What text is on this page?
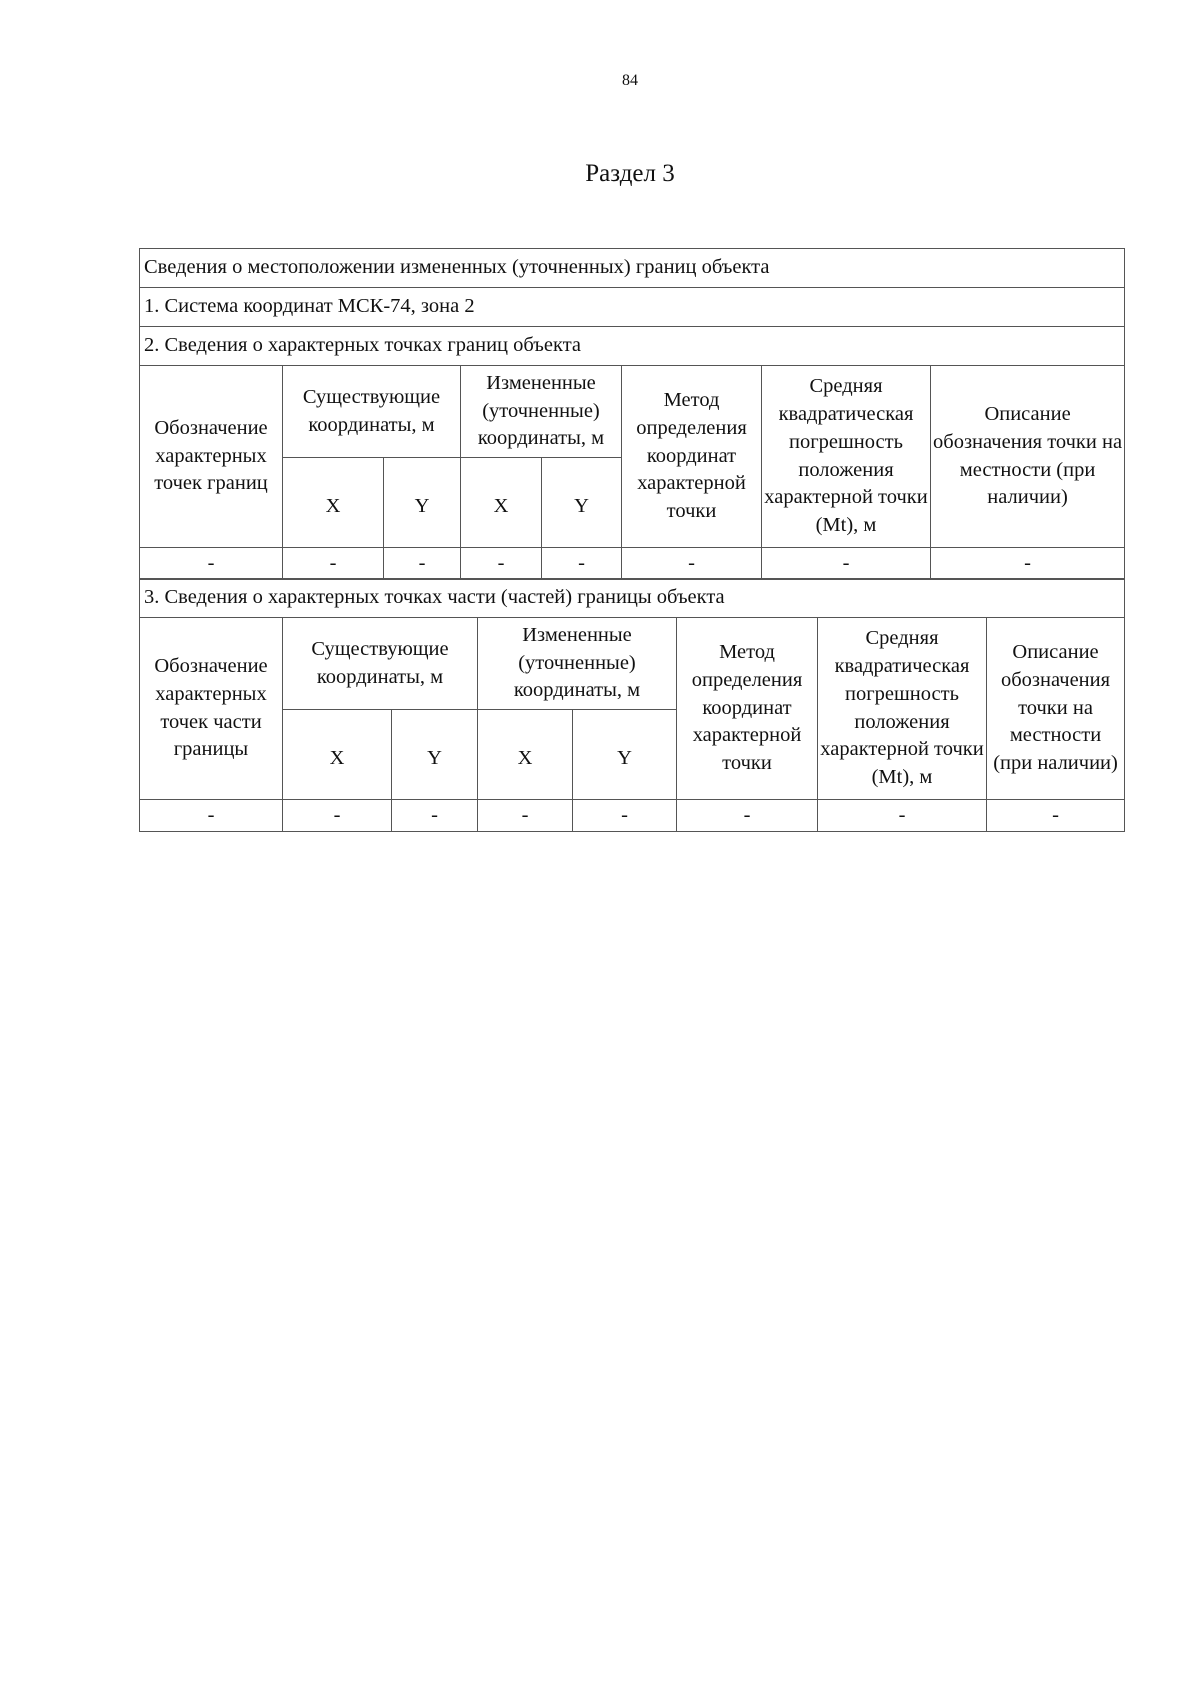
84
Раздел 3
Сведения о местоположении измененных (уточненных) границ объекта							
1. Система координат МСК-74, зона 2							
2. Сведения о характерных точках границ объекта							
Обозначение характерных точек границ	Существующие координаты, м		Измененные (уточненные) координаты, м		Метод определения координат характерной точки	Средняя квадратическая погрешность положения характерной точки (Mt), м	Описание обозначения точки на местности (при наличии)
	X	Y	X	Y			
-	-	-	-	-	-	-	-
3. Сведения о характерных точках части (частей) границы объекта							
Обозначение характерных точек части границы	Существующие координаты, м		Измененные (уточненные) координаты, м		Метод определения координат характерной точки	Средняя квадратическая погрешность положения характерной точки (Mt), м	Описание обозначения точки на местности (при наличии)
	X	Y	X	Y			
-	-	-	-	-	-	-	-
